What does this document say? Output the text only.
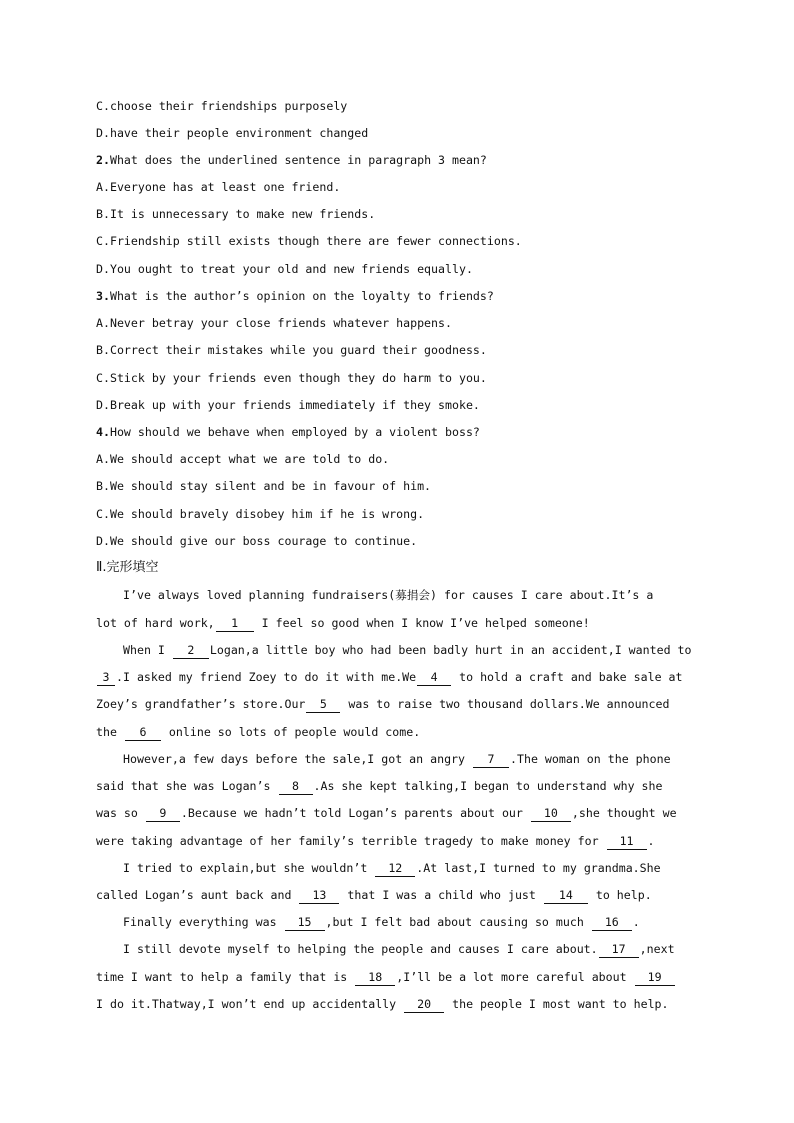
C.choose their friendships purposely
D.have their people environment changed
2.What does the underlined sentence in paragraph 3 mean?
A.Everyone has at least one friend.
B.It is unnecessary to make new friends.
C.Friendship still exists though there are fewer connections.
D.You ought to treat your old and new friends equally.
3.What is the author’s opinion on the loyalty to friends?
A.Never betray your close friends whatever happens.
B.Correct their mistakes while you guard their goodness.
C.Stick by your friends even though they do harm to you.
D.Break up with your friends immediately if they smoke.
4.How should we behave when employed by a violent boss?
A.We should accept what we are told to do.
B.We should stay silent and be in favour of him.
C.We should bravely disobey him if he is wrong.
D.We should give our boss courage to continue.
Ⅱ.完形填空
I’ve always loved planning fundraisers(募捐会) for causes I care about.It’s a
lot of hard work, 1 I feel so good when I know I’ve helped someone!
When I 2 Logan,a little boy who had been badly hurt in an accident,I wanted to
3 .I asked my friend Zoey to do it with me.We 4 to hold a craft and bake sale at
Zoey’s grandfather’s store.Our 5 was to raise two thousand dollars.We announced
the 6 online so lots of people would come.
However,a few days before the sale,I got an angry 7 .The woman on the phone
said that she was Logan’s 8 .As she kept talking,I began to understand why she
was so 9 .Because we hadn’t told Logan’s parents about our 10 ,she thought we
were taking advantage of her family’s terrible tragedy to make money for 11 .
I tried to explain,but she wouldn’t 12 .At last,I turned to my grandma.She
called Logan’s aunt back and 13 that I was a child who just 14 to help.
Finally everything was 15 ,but I felt bad about causing so much 16 .
I still devote myself to helping the people and causes I care about. 17 ,next
time I want to help a family that is 18 ,I’ll be a lot more careful about 19
I do it.Thatway,I won’t end up accidentally 20 the people I most want to help.
